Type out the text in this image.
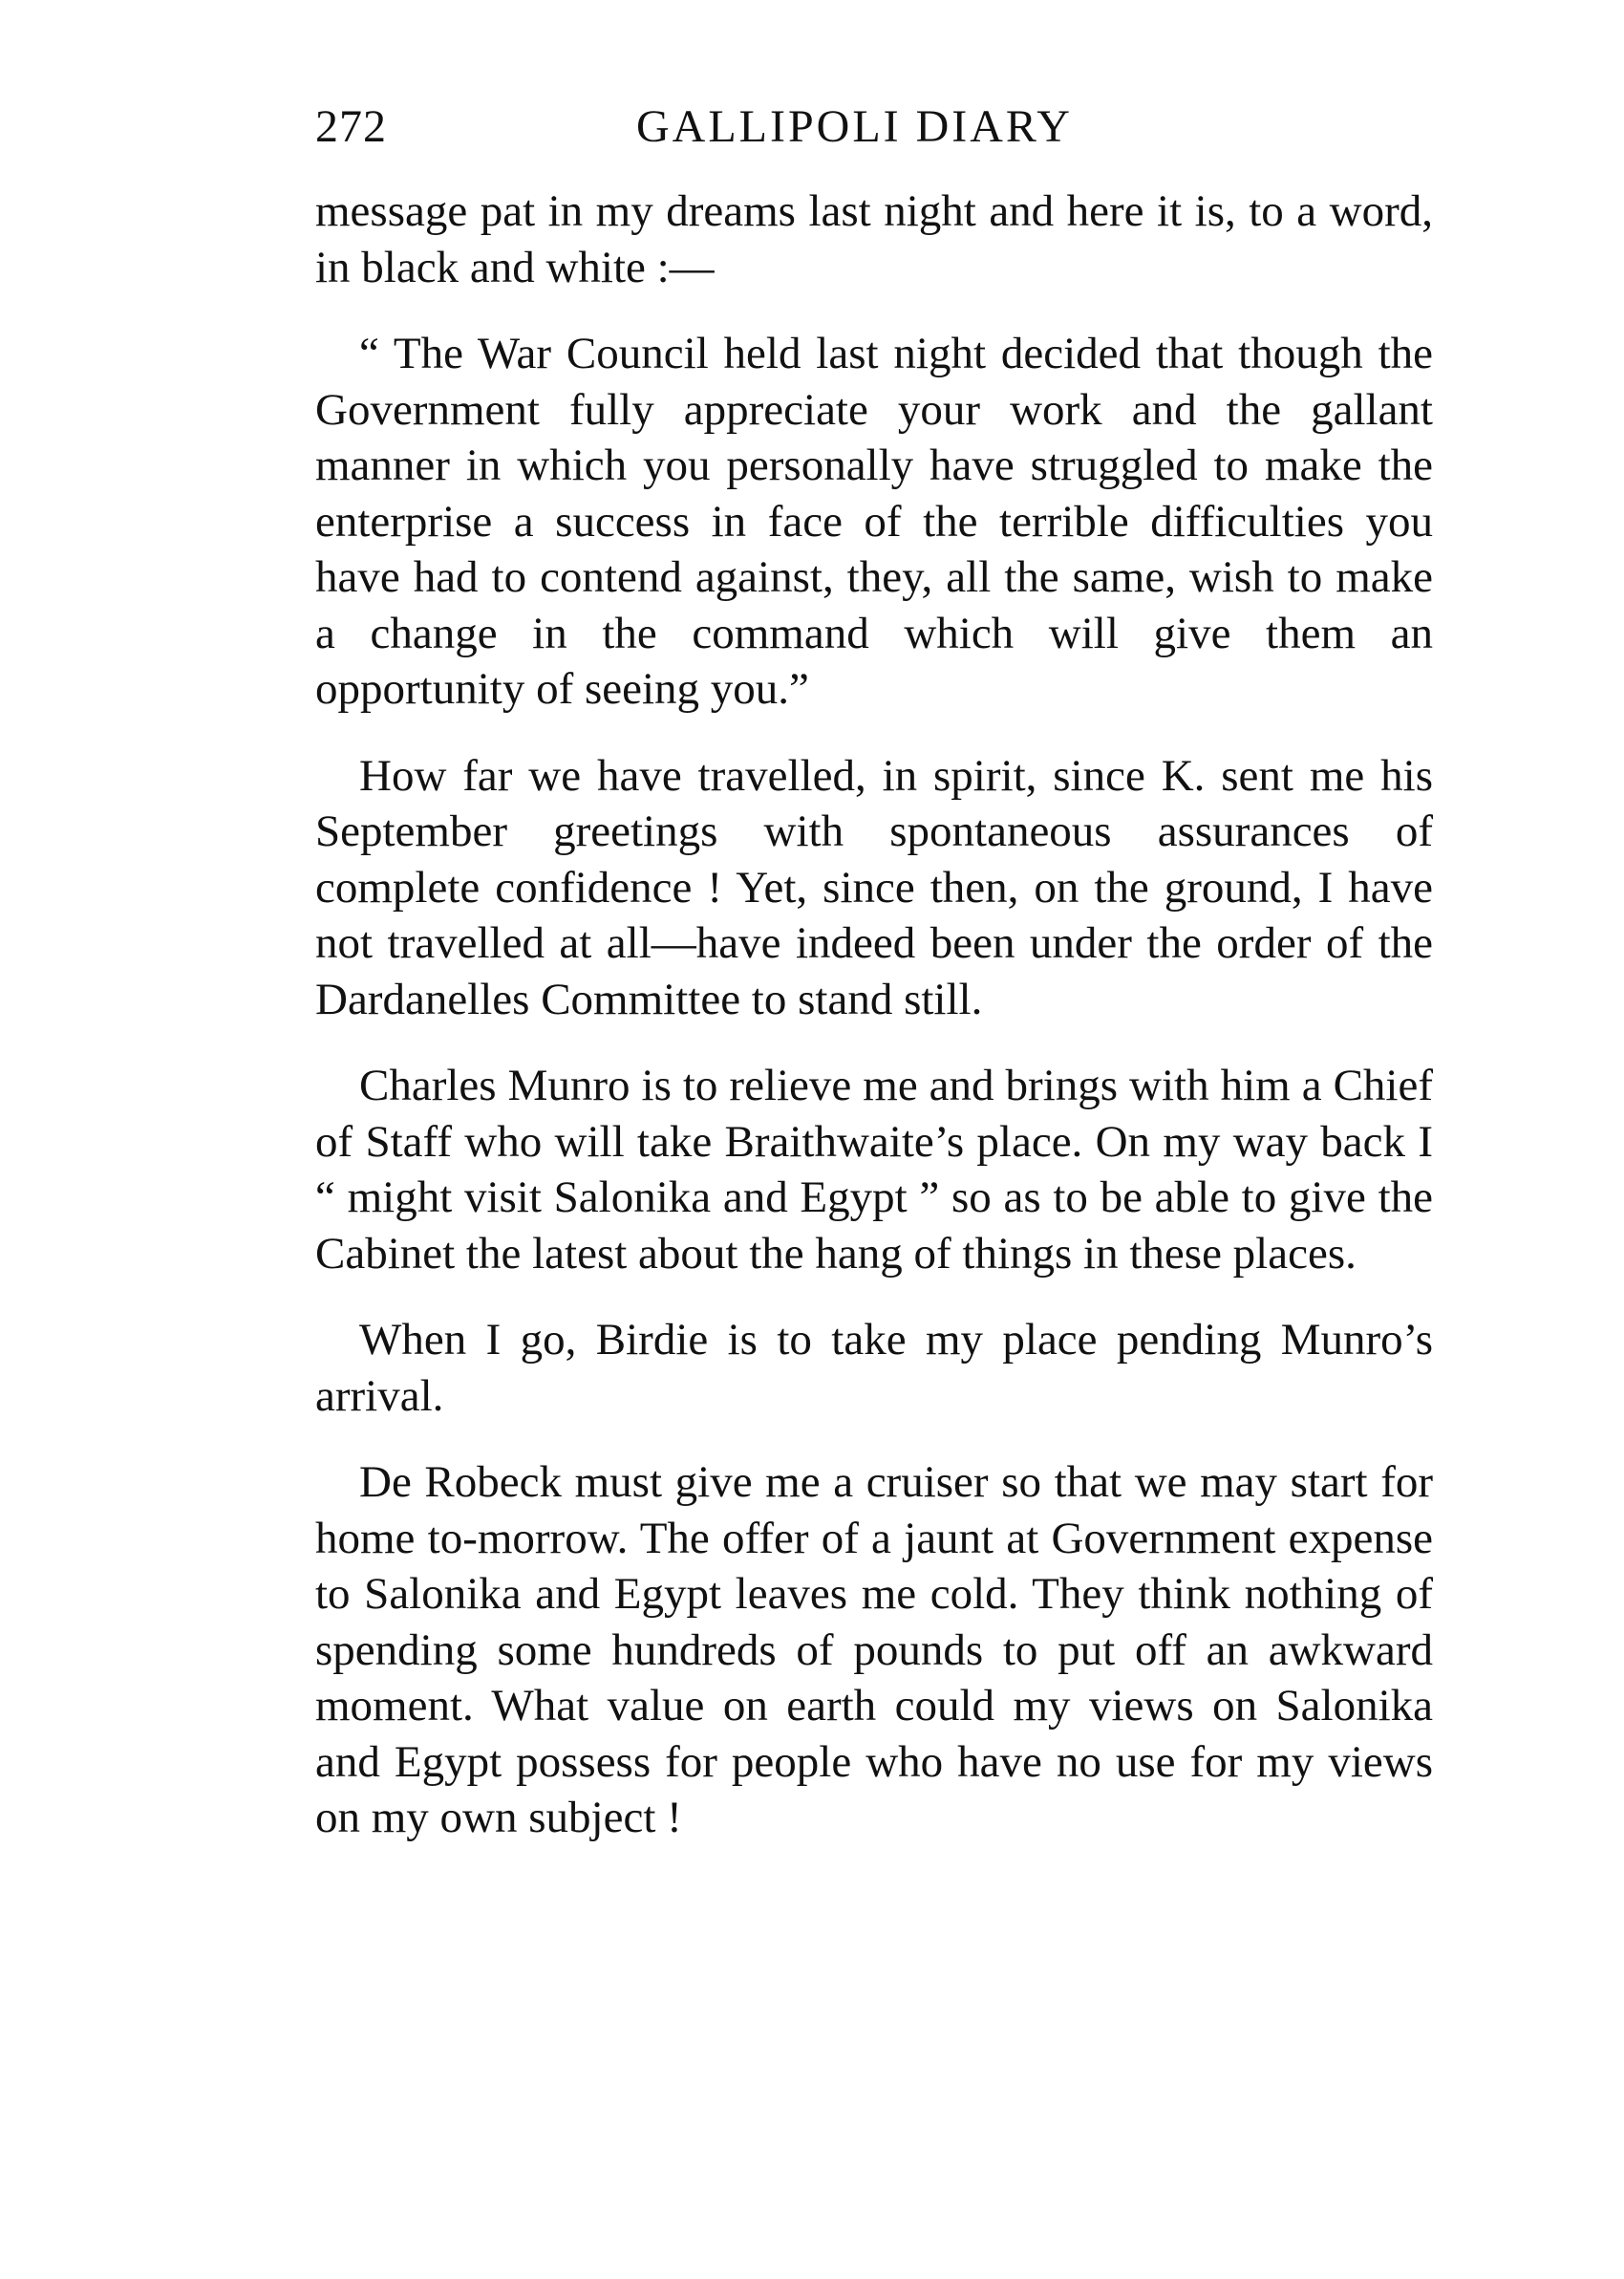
272	GALLIPOLI DIARY

message pat in my dreams last night and here it is, to a word, in black and white :—

“ The War Council held last night decided that though the Government fully appreciate your work and the gallant manner in which you personally have struggled to make the enterprise a success in face of the terrible difficulties you have had to contend against, they, all the same, wish to make a change in the command which will give them an opportunity of seeing you.”

How far we have travelled, in spirit, since K. sent me his September greetings with spontaneous assurances of complete confidence ! Yet, since then, on the ground, I have not travelled at all—have indeed been under the order of the Dardanelles Committee to stand still.

Charles Munro is to relieve me and brings with him a Chief of Staff who will take Braithwaite’s place. On my way back I “ might visit Salonika and Egypt ” so as to be able to give the Cabinet the latest about the hang of things in these places.

When I go, Birdie is to take my place pending Munro’s arrival.

De Robeck must give me a cruiser so that we may start for home to-morrow. The offer of a jaunt at Government expense to Salonika and Egypt leaves me cold. They think nothing of spending some hundreds of pounds to put off an awkward moment. What value on earth could my views on Salonika and Egypt possess for people who have no use for my views on my own subject !
